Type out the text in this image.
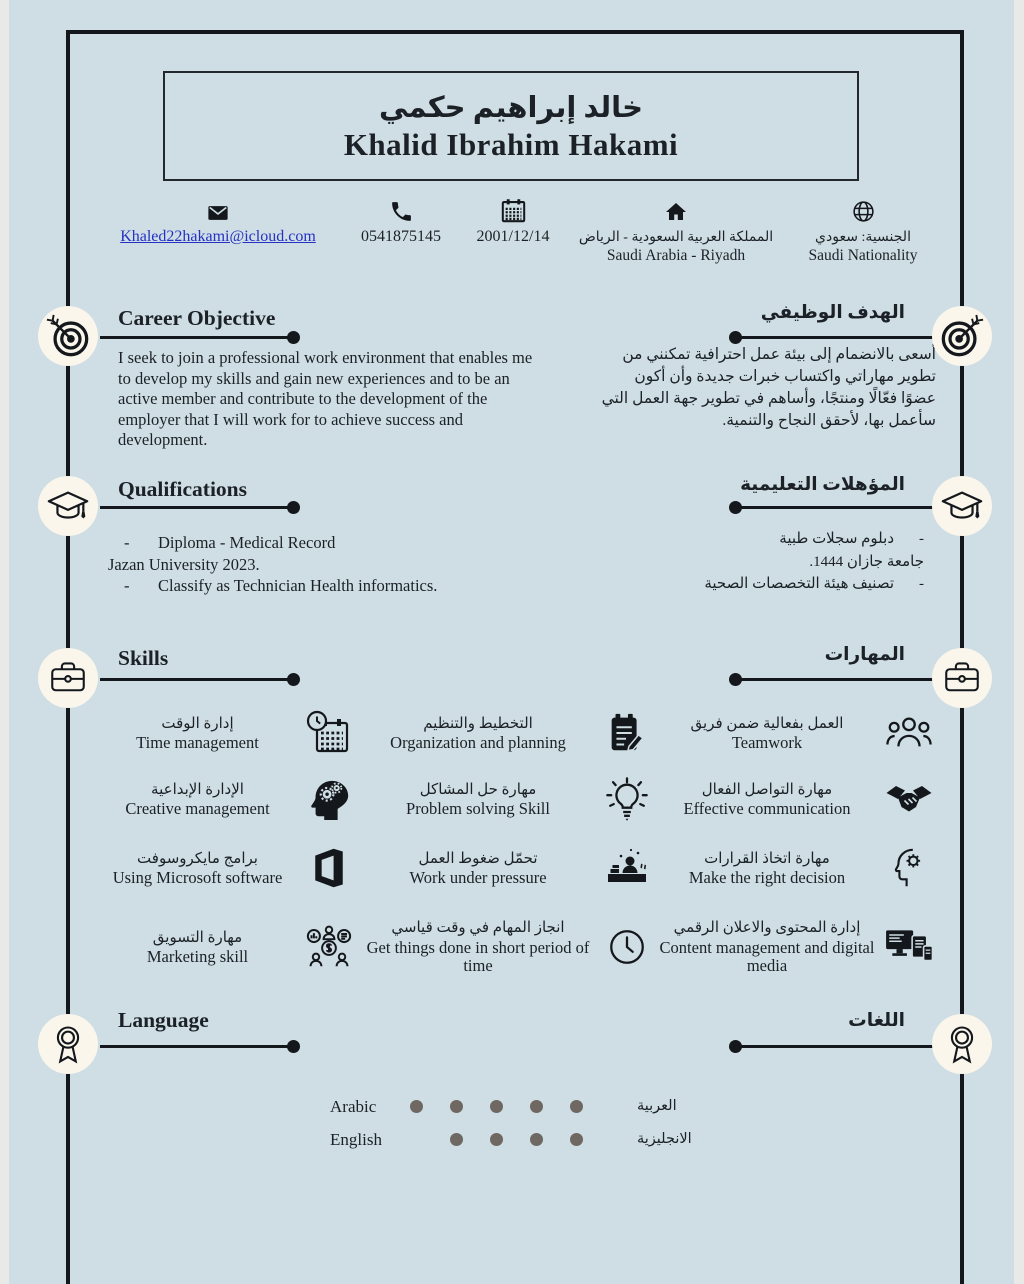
خالد إبراهيم حكمي
Khalid Ibrahim Hakami
Khaled22hakami@icloud.com	0541875145 2001/12/14 المملكة العربية السعودية - الرياض
Saudi Arabia - Riyadh
الجنسية: سعودي
Saudi Nationality
Career Objective	الهدف الوظيفي
I seek to join a professional work environment that enables me to develop my skills and gain new experiences and to be an active member and contribute to the development of the employer that I will work for to achieve success and development.
أسعى بالانضمام إلى بيئة عمل احترافية تمكنني من تطوير مهاراتي واكتساب خبرات جديدة وأن أكون عضوًا فعّالًا ومنتجًا، وأساهم في تطوير جهة العمل التي سأعمل بها، لأحقق النجاح والتنمية.
Qualifications	المؤهلات التعليمية
- Diploma - Medical Record
Jazan University 2023.
- Classify as Technician Health informatics.
-دبلوم سجلات طبية
جامعة جازان 1444.
-تصنيف هيئة التخصصات الصحية
Skills	المهارات
إدارة الوقت
Time management
التخطيط والتنظيم
Organization and planning
العمل بفعالية ضمن فريق
Teamwork
الإدارة الإبداعية
Creative management
مهارة حل المشاكل
Problem solving Skill
مهارة التواصل الفعال
Effective communication
برامج مايكروسوفت
Using Microsoft software
تحمّل ضغوط العمل
Work under pressure
مهارة اتخاذ القرارات
Make the right decision
مهارة التسويق
Marketing skill
انجاز المهام في وقت قياسي
Get things done in short period of time
إدارة المحتوى والاعلان الرقمي
Content management and digital media
Language	اللغات
Arabic	العربية
English	الانجليزية
